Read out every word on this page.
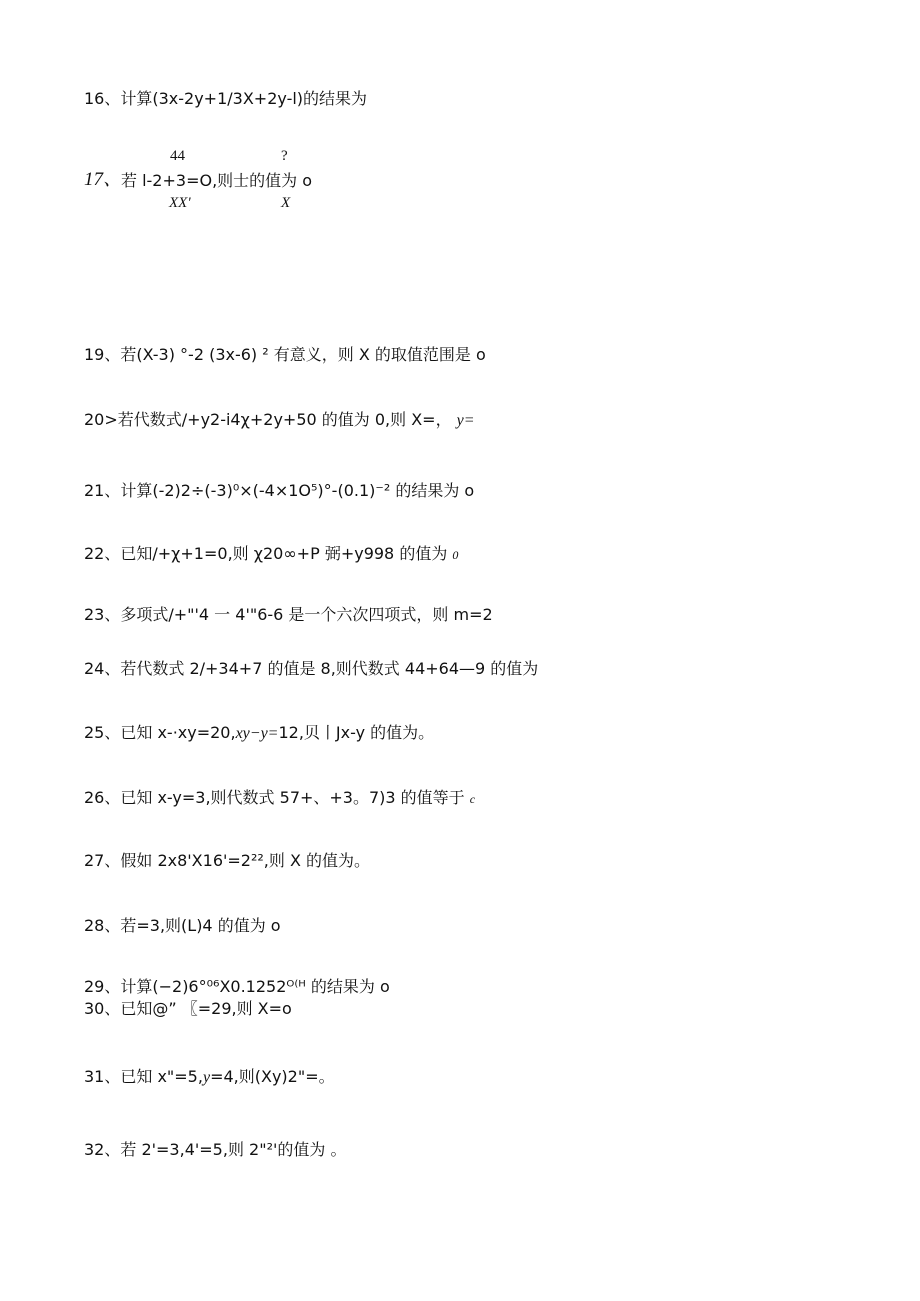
16、计算(3x-2y+1/3X+2y-l)的结果为
44	?
17、
若 l-2+3=O,则士的值为 o
XX'	X
19、若(X-3) °-2 (3x-6) ² 有意义，则 X 的取值范围是 o
20>若代数式/+y2-i4χ+2y+50 的值为 0,则 X=， y=
21、计算(-2)2÷(-3)⁰×(-4×1O⁵)°-(0.1)⁻² 的结果为 o
22、已知/+χ+1=0,则 χ20∞+P 弼+y998 的值为 0
23、多项式/+"'4 一 4'"6-6 是一个六次四项式，则 m=2
24、若代数式 2/+34+7 的值是 8,则代数式 44+64—9 的值为
25、已知 x-·xy=20,xy−y=12,贝丨Jx-y 的值为。
26、已知 x-y=3,则代数式 57+、+3。7)3 的值等于 c
27、假如 2x8'X16'=2²²,则 X 的值为。
28、若=3,则(L)4 的值为 o
29、计算(−2)6°⁰⁶X0.1252ᴼ⁽ᴴ 的结果为 o
30、已知@” 〖=29,则 X=o
31、已知 x"=5,y=4,则(Xy)2"=。
32、若 2'=3,4'=5,则 2"²'的值为 。
